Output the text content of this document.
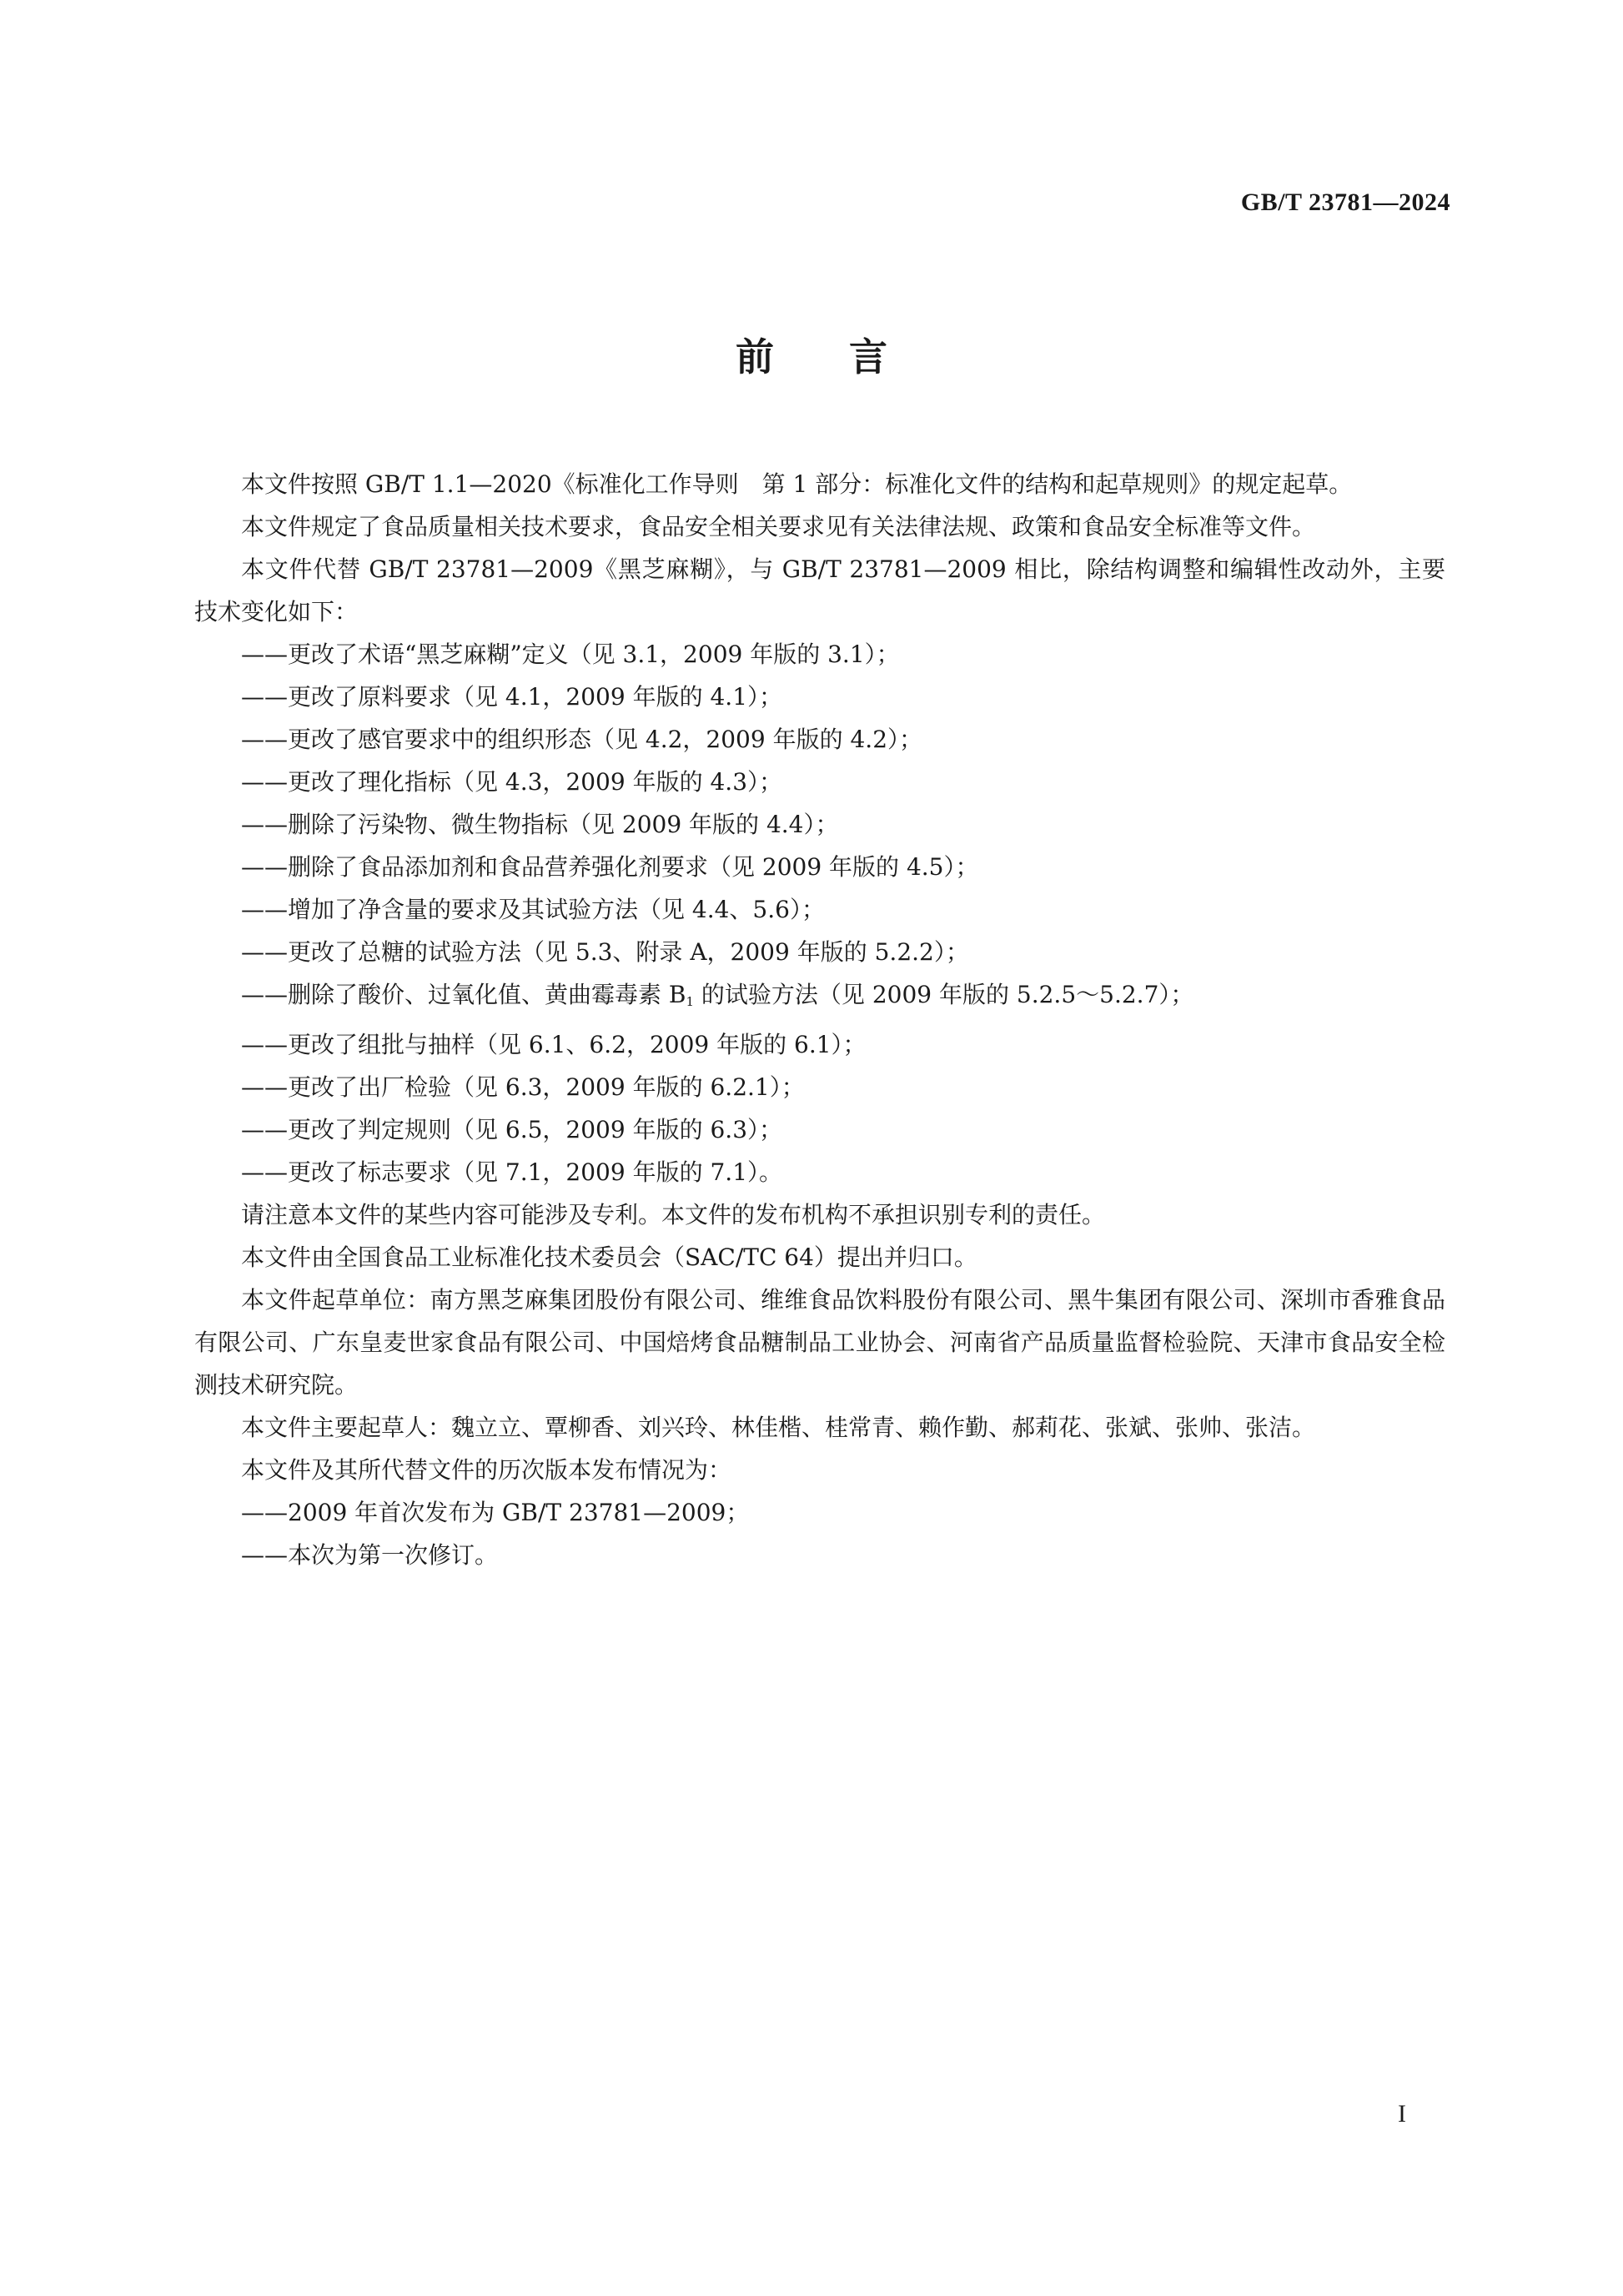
GB/T 23781—2024
前言

本文件按照 GB/T 1.1—2020《标准化工作导则　第 1 部分：标准化文件的结构和起草规则》的规定起草。

本文件规定了食品质量相关技术要求，食品安全相关要求见有关法律法规、政策和食品安全标准等文件。

本文件代替 GB/T 23781—2009《黑芝麻糊》，与 GB/T 23781—2009 相比，除结构调整和编辑性改动外，主要技术变化如下：

——更改了术语“黑芝麻糊”定义（见 3.1，2009 年版的 3.1）；

——更改了原料要求（见 4.1，2009 年版的 4.1）；

——更改了感官要求中的组织形态（见 4.2，2009 年版的 4.2）；

——更改了理化指标（见 4.3，2009 年版的 4.3）；

——删除了污染物、微生物指标（见 2009 年版的 4.4）；

——删除了食品添加剂和食品营养强化剂要求（见 2009 年版的 4.5）；

——增加了净含量的要求及其试验方法（见 4.4、5.6）；

——更改了总糖的试验方法（见 5.3、附录 A，2009 年版的 5.2.2）；

——删除了酸价、过氧化值、黄曲霉毒素 $B_1$ 的试验方法（见 2009 年版的 5.2.5～5.2.7）；

——更改了组批与抽样（见 6.1、6.2，2009 年版的 6.1）；

——更改了出厂检验（见 6.3，2009 年版的 6.2.1）；

——更改了判定规则（见 6.5，2009 年版的 6.3）；

——更改了标志要求（见 7.1，2009 年版的 7.1）。

请注意本文件的某些内容可能涉及专利。本文件的发布机构不承担识别专利的责任。

本文件由全国食品工业标准化技术委员会（SAC/TC 64）提出并归口。

本文件起草单位：南方黑芝麻集团股份有限公司、维维食品饮料股份有限公司、黑牛集团有限公司、深圳市香雅食品有限公司、广东皇麦世家食品有限公司、中国焙烤食品糖制品工业协会、河南省产品质量监督检验院、天津市食品安全检测技术研究院。

本文件主要起草人：魏立立、覃柳香、刘兴玲、林佳楷、桂常青、赖作勤、郝莉花、张斌、张帅、张洁。

本文件及其所代替文件的历次版本发布情况为：

——2009 年首次发布为 GB/T 23781—2009；

——本次为第一次修订。

I
